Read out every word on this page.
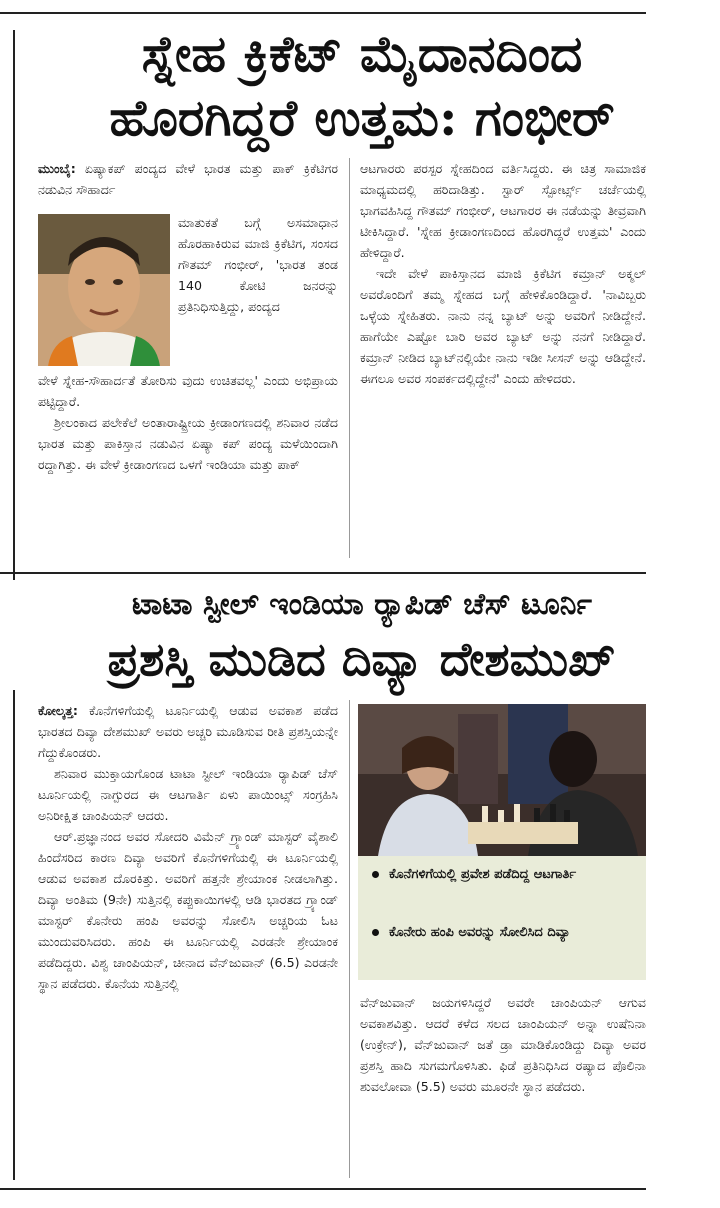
ಸ್ನೇಹ ಕ್ರಿಕೆಟ್ ಮೈದಾನದಿಂದ
ಹೊರಗಿದ್ದರೆ ಉತ್ತಮ: ಗಂಭೀರ್

ಮುಂಬೈ: ಏಷ್ಯಾಕಪ್ ಪಂದ್ಯದ ವೇಳೆ ಭಾರತ ಮತ್ತು ಪಾಕ್ ಕ್ರಿಕೆಟಿಗರ ನಡುವಿನ ಸೌಹಾರ್ದ

ಮಾತುಕತೆ ಬಗ್ಗೆ ಅಸಮಾಧಾನ ಹೊರಹಾಕಿರುವ ಮಾಜಿ ಕ್ರಿಕೆಟಿಗ, ಸಂಸದ ಗೌತಮ್ ಗಂಭೀರ್, 'ಭಾರತ ತಂಡ 140 ಕೋಟಿ ಜನರನ್ನು ಪ್ರತಿನಿಧಿಸುತ್ತಿದ್ದು, ಪಂದ್ಯದ

ವೇಳೆ ಸ್ನೇಹ-ಸೌಹಾರ್ದತೆ ತೋರಿಸು ವುದು ಉಚಿತವಲ್ಲ' ಎಂದು ಅಭಿಪ್ರಾಯ ಪಟ್ಟಿದ್ದಾರೆ.

ಶ್ರೀಲಂಕಾದ ಪಲೇಕೆಲೆ ಅಂತಾರಾಷ್ಟ್ರೀಯ ಕ್ರೀಡಾಂಗಣದಲ್ಲಿ ಶನಿವಾರ ನಡೆದ ಭಾರತ ಮತ್ತು ಪಾಕಿಸ್ತಾನ ನಡುವಿನ ಏಷ್ಯಾ ಕಪ್ ಪಂದ್ಯ ಮಳೆಯಿಂದಾಗಿ ರದ್ದಾಗಿತ್ತು. ಈ ವೇಳೆ ಕ್ರೀಡಾಂಗಣದ ಒಳಗೆ ಇಂಡಿಯಾ ಮತ್ತು ಪಾಕ್

ಆಟಗಾರರು ಪರಸ್ಪರ ಸ್ನೇಹದಿಂದ ವರ್ತಿಸಿದ್ದರು. ಈ ಚಿತ್ರ ಸಾಮಾಜಿಕ ಮಾಧ್ಯಮದಲ್ಲಿ ಹರಿದಾಡಿತ್ತು. ಸ್ಟಾರ್ ಸ್ಪೋರ್ಟ್ಸ್ ಚರ್ಚೆಯಲ್ಲಿ ಭಾಗವಹಿಸಿದ್ದ ಗೌತಮ್ ಗಂಭೀರ್, ಆಟಗಾರರ ಈ ನಡೆಯನ್ನು ತೀವ್ರವಾಗಿ ಟೀಕಿಸಿದ್ದಾರೆ. 'ಸ್ನೇಹ ಕ್ರೀಡಾಂಗಣದಿಂದ ಹೊರಗಿದ್ದರೆ ಉತ್ತಮ' ಎಂದು ಹೇಳಿದ್ದಾರೆ.

ಇದೇ ವೇಳೆ ಪಾಕಿಸ್ತಾನದ ಮಾಜಿ ಕ್ರಿಕೆಟಿಗ ಕಮ್ರಾನ್ ಅಕ್ಮಲ್ ಅವರೊಂದಿಗೆ ತಮ್ಮ ಸ್ನೇಹದ ಬಗ್ಗೆ ಹೇಳಿಕೊಂಡಿದ್ದಾರೆ. 'ನಾವಿಬ್ಬರು ಒಳ್ಳೆಯ ಸ್ನೇಹಿತರು. ನಾನು ನನ್ನ ಬ್ಯಾಟ್ ಅನ್ನು ಅವರಿಗೆ ನೀಡಿದ್ದೇನೆ. ಹಾಗೆಯೇ ಎಷ್ಟೋ ಬಾರಿ ಅವರ ಬ್ಯಾಟ್ ಅನ್ನು ನನಗೆ ನೀಡಿದ್ದಾರೆ. ಕಮ್ರಾನ್ ನೀಡಿದ ಬ್ಯಾಟ್‌ನಲ್ಲಿಯೇ ನಾನು ಇಡೀ ಸೀಸನ್ ಅನ್ನು ಆಡಿದ್ದೇನೆ. ಈಗಲೂ ಅವರ ಸಂಪರ್ಕದಲ್ಲಿದ್ದೇನೆ' ಎಂದು ಹೇಳಿದರು.

ಟಾಟಾ ಸ್ಟೀಲ್ ಇಂಡಿಯಾ ರ‍್ಯಾಪಿಡ್ ಚೆಸ್ ಟೂರ್ನಿ
ಪ್ರಶಸ್ತಿ ಮುಡಿದ ದಿವ್ಯಾ ದೇಶಮುಖ್

ಕೋಲ್ಕತ್ತ: ಕೊನೆಗಳಿಗೆಯಲ್ಲಿ ಟೂರ್ನಿಯಲ್ಲಿ ಆಡುವ ಅವಕಾಶ ಪಡೆದ ಭಾರತದ ದಿವ್ಯಾ ದೇಶಮುಖ್ ಅವರು ಅಚ್ಚರಿ ಮೂಡಿಸುವ ರೀತಿ ಪ್ರಶಸ್ತಿಯನ್ನೇ ಗೆದ್ದುಕೊಂಡರು.

ಶನಿವಾರ ಮುಕ್ತಾಯಗೊಂಡ ಟಾಟಾ ಸ್ಟೀಲ್ ಇಂಡಿಯಾ ರ‍್ಯಾಪಿಡ್ ಚೆಸ್ ಟೂರ್ನಿಯಲ್ಲಿ ನಾಗ್ಪುರದ ಈ ಆಟಗಾರ್ತಿ ಏಳು ಪಾಯಿಂಟ್ಸ್ ಸಂಗ್ರಹಿಸಿ ಅನಿರೀಕ್ಷಿತ ಚಾಂಪಿಯನ್ ಆದರು.

ಆರ್.ಪ್ರಜ್ಞಾನಂದ ಅವರ ಸೋದರಿ ವಿಮೆನ್ ಗ್ರ್ಯಾಂಡ್ ಮಾಸ್ಟರ್ ವೈಶಾಲಿ ಹಿಂದೆಸರಿದ ಕಾರಣ ದಿವ್ಯಾ ಅವರಿಗೆ ಕೊನೆಗಳಿಗೆಯಲ್ಲಿ ಈ ಟೂರ್ನಿಯಲ್ಲಿ ಆಡುವ ಅವಕಾಶ ದೊರಕಿತ್ತು. ಅವರಿಗೆ ಹತ್ತನೇ ಶ್ರೇಯಾಂಕ ನೀಡಲಾಗಿತ್ತು. ದಿವ್ಯಾ ಅಂತಿಮ (9ನೇ) ಸುತ್ತಿನಲ್ಲಿ ಕಪ್ಪುಕಾಯಿಗಳಲ್ಲಿ ಆಡಿ ಭಾರತದ ಗ್ರ್ಯಾಂಡ್ ಮಾಸ್ಟರ್ ಕೊನೇರು ಹಂಪಿ ಅವರನ್ನು ಸೋಲಿಸಿ ಅಚ್ಚರಿಯ ಓಟ ಮುಂದುವರಿಸಿದರು. ಹಂಪಿ ಈ ಟೂರ್ನಿಯಲ್ಲಿ ಎರಡನೇ ಶ್ರೇಯಾಂಕ ಪಡೆದಿದ್ದರು. ವಿಶ್ವ ಚಾಂಪಿಯನ್, ಚೀನಾದ ವೆನ್‌ಜುವಾನ್ (6.5) ಎರಡನೇ ಸ್ಥಾನ ಪಡೆದರು. ಕೊನೆಯ ಸುತ್ತಿನಲ್ಲಿ

ಕೊನೆಗಳಿಗೆಯಲ್ಲಿ ಪ್ರವೇಶ ಪಡೆದಿದ್ದ ಆಟಗಾರ್ತಿ
ಕೊನೇರು ಹಂಪಿ ಅವರನ್ನು ಸೋಲಿಸಿದ ದಿವ್ಯಾ

ವೆನ್‌ಜುವಾನ್ ಜಯಗಳಿಸಿದ್ದರೆ ಅವರೇ ಚಾಂಪಿಯನ್ ಆಗುವ ಅವಕಾಶವಿತ್ತು. ಆದರೆ ಕಳೆದ ಸಲದ ಚಾಂಪಿಯನ್ ಅನ್ನಾ ಉಷೆನಿನಾ (ಉಕ್ರೇನ್), ವೆನ್‌ಜುವಾನ್ ಜತೆ ಡ್ರಾ ಮಾಡಿಕೊಂಡಿದ್ದು ದಿವ್ಯಾ ಅವರ ಪ್ರಶಸ್ತಿ ಹಾದಿ ಸುಗಮಗೊಳಿಸಿತು. ಫಿಡೆ ಪ್ರತಿನಿಧಿಸಿದ ರಷ್ಯಾದ ಪೊಲಿನಾ ಶುವಲೋವಾ (5.5) ಅವರು ಮೂರನೇ ಸ್ಥಾನ ಪಡೆದರು.
